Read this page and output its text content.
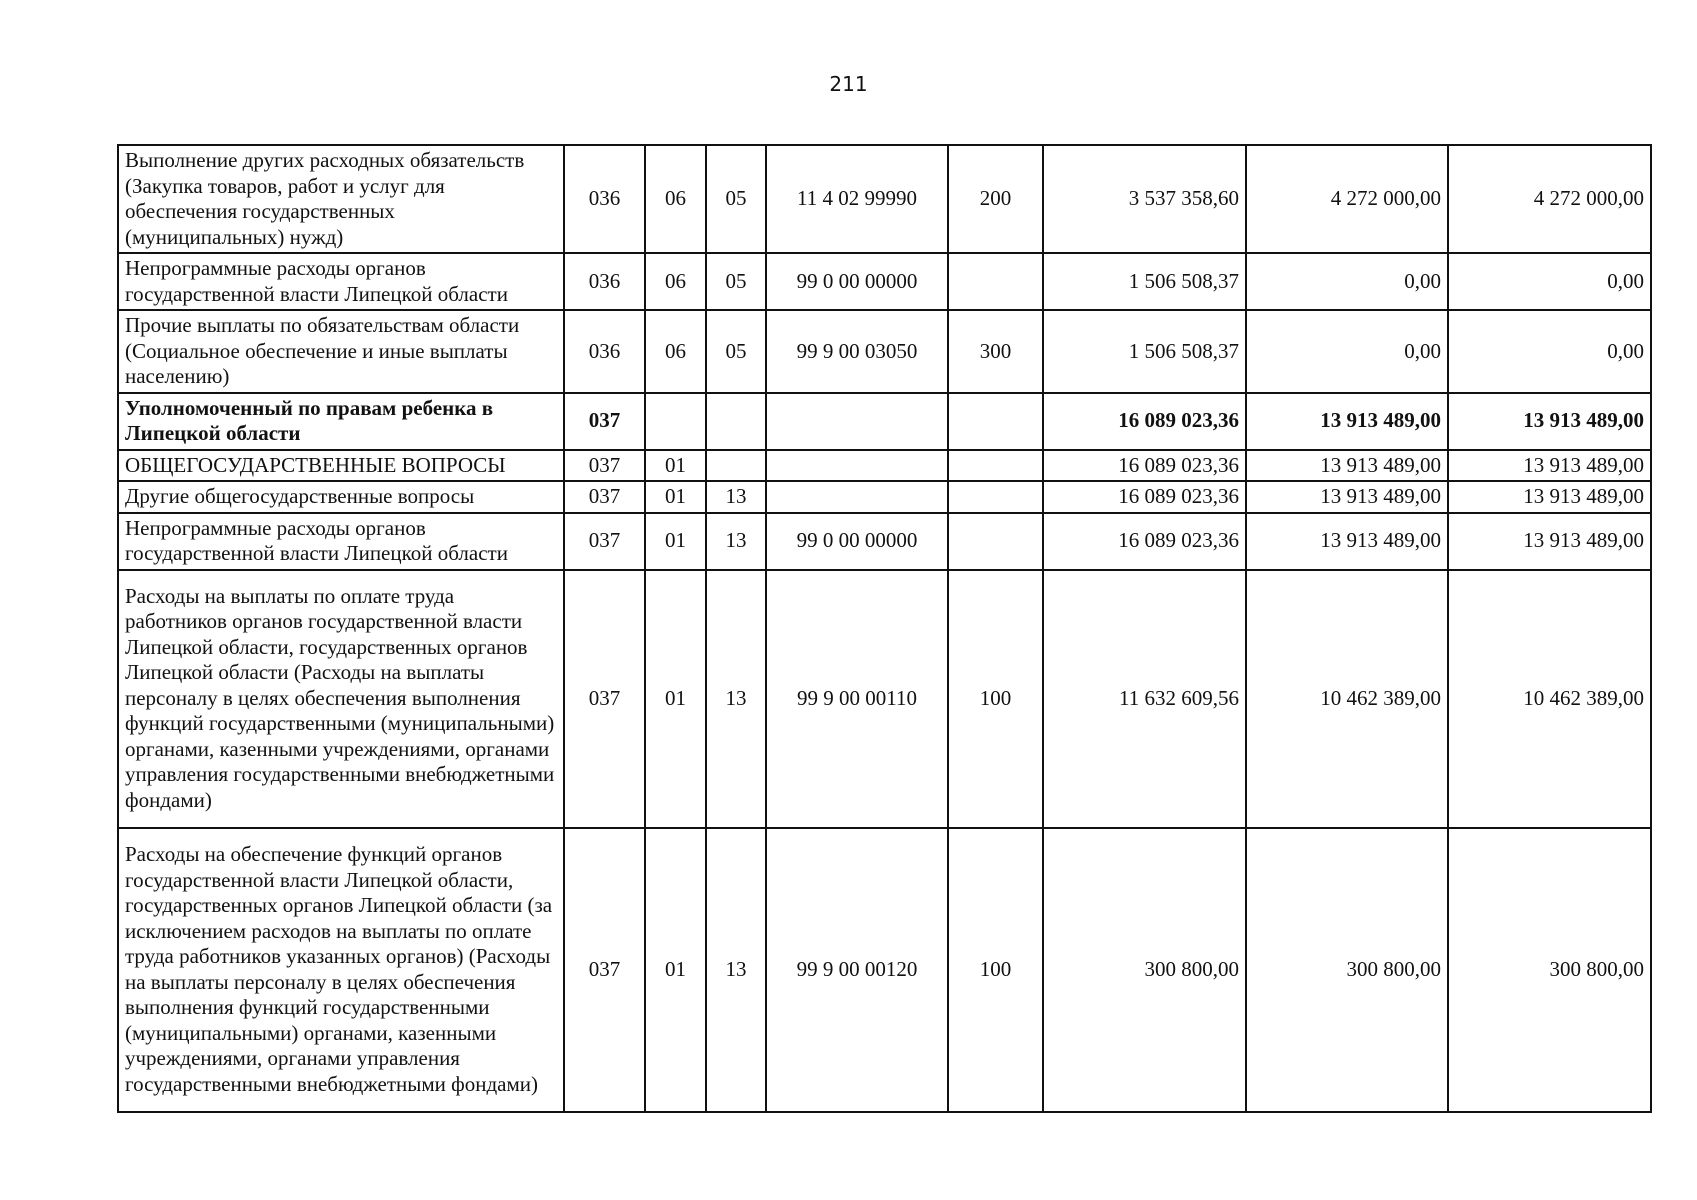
211
Выполнение других расходных обязательств (Закупка товаров, работ и услуг для обеспечения государственных (муниципальных) нужд)	036	06	05	11 4 02 99990	200	3 537 358,60	4 272 000,00	4 272 000,00
Непрограммные расходы органов государственной власти Липецкой области	036	06	05	99 0 00 00000		1 506 508,37	0,00	0,00
Прочие выплаты по обязательствам области (Социальное обеспечение и иные выплаты населению)	036	06	05	99 9 00 03050	300	1 506 508,37	0,00	0,00
Уполномоченный по правам ребенка в Липецкой области	037					16 089 023,36	13 913 489,00	13 913 489,00
ОБЩЕГОСУДАРСТВЕННЫЕ ВОПРОСЫ	037	01				16 089 023,36	13 913 489,00	13 913 489,00
Другие общегосударственные вопросы	037	01	13			16 089 023,36	13 913 489,00	13 913 489,00
Непрограммные расходы органов государственной власти Липецкой области	037	01	13	99 0 00 00000		16 089 023,36	13 913 489,00	13 913 489,00
Расходы на выплаты по оплате труда работников органов государственной власти Липецкой области, государственных органов Липецкой области (Расходы на выплаты персоналу в целях обеспечения выполнения функций государственными (муниципальными) органами, казенными учреждениями, органами управления государственными внебюджетными фондами)	037	01	13	99 9 00 00110	100	11 632 609,56	10 462 389,00	10 462 389,00
Расходы на обеспечение функций органов государственной власти Липецкой области, государственных органов Липецкой области (за исключением расходов на выплаты по оплате труда работников указанных органов) (Расходы на выплаты персоналу в целях обеспечения выполнения функций государственными (муниципальными) органами, казенными учреждениями, органами управления государственными внебюджетными фондами)	037	01	13	99 9 00 00120	100	300 800,00	300 800,00	300 800,00
